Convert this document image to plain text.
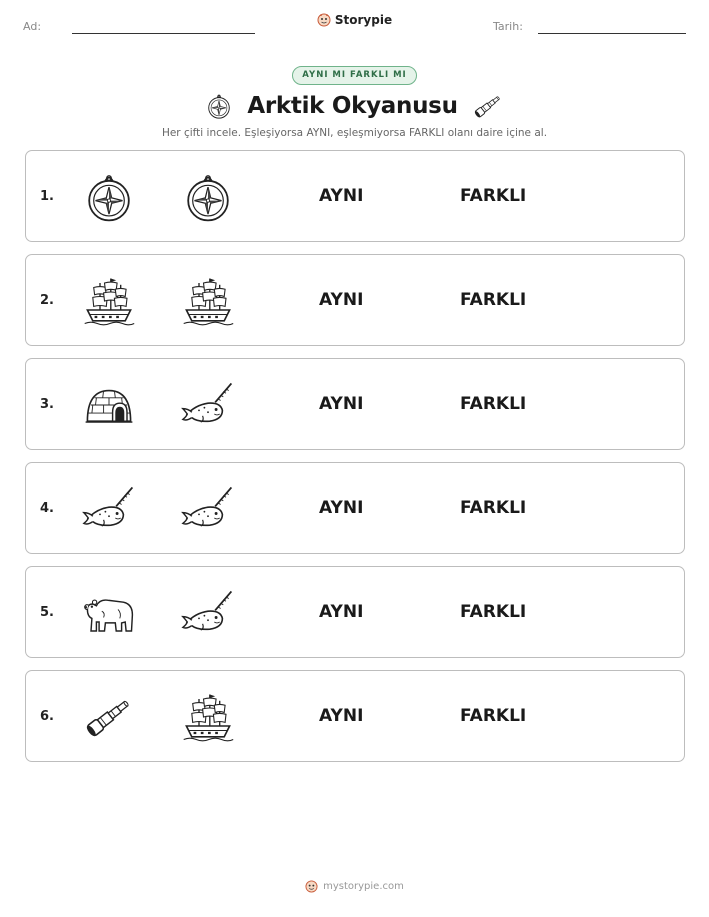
Ad:	Storypie	Tarih:
AYNI MI FARKLI MI
Arktik Okyanusu
Her çifti incele. Eşleşiyorsa AYNI, eşleşmiyorsa FARKLI olanı daire içine al.
1.	AYNI	FARKLI
2.	AYNI	FARKLI
3.	AYNI	FARKLI
4.	AYNI	FARKLI
5.	AYNI	FARKLI
6.	AYNI	FARKLI
mystorypie.com
